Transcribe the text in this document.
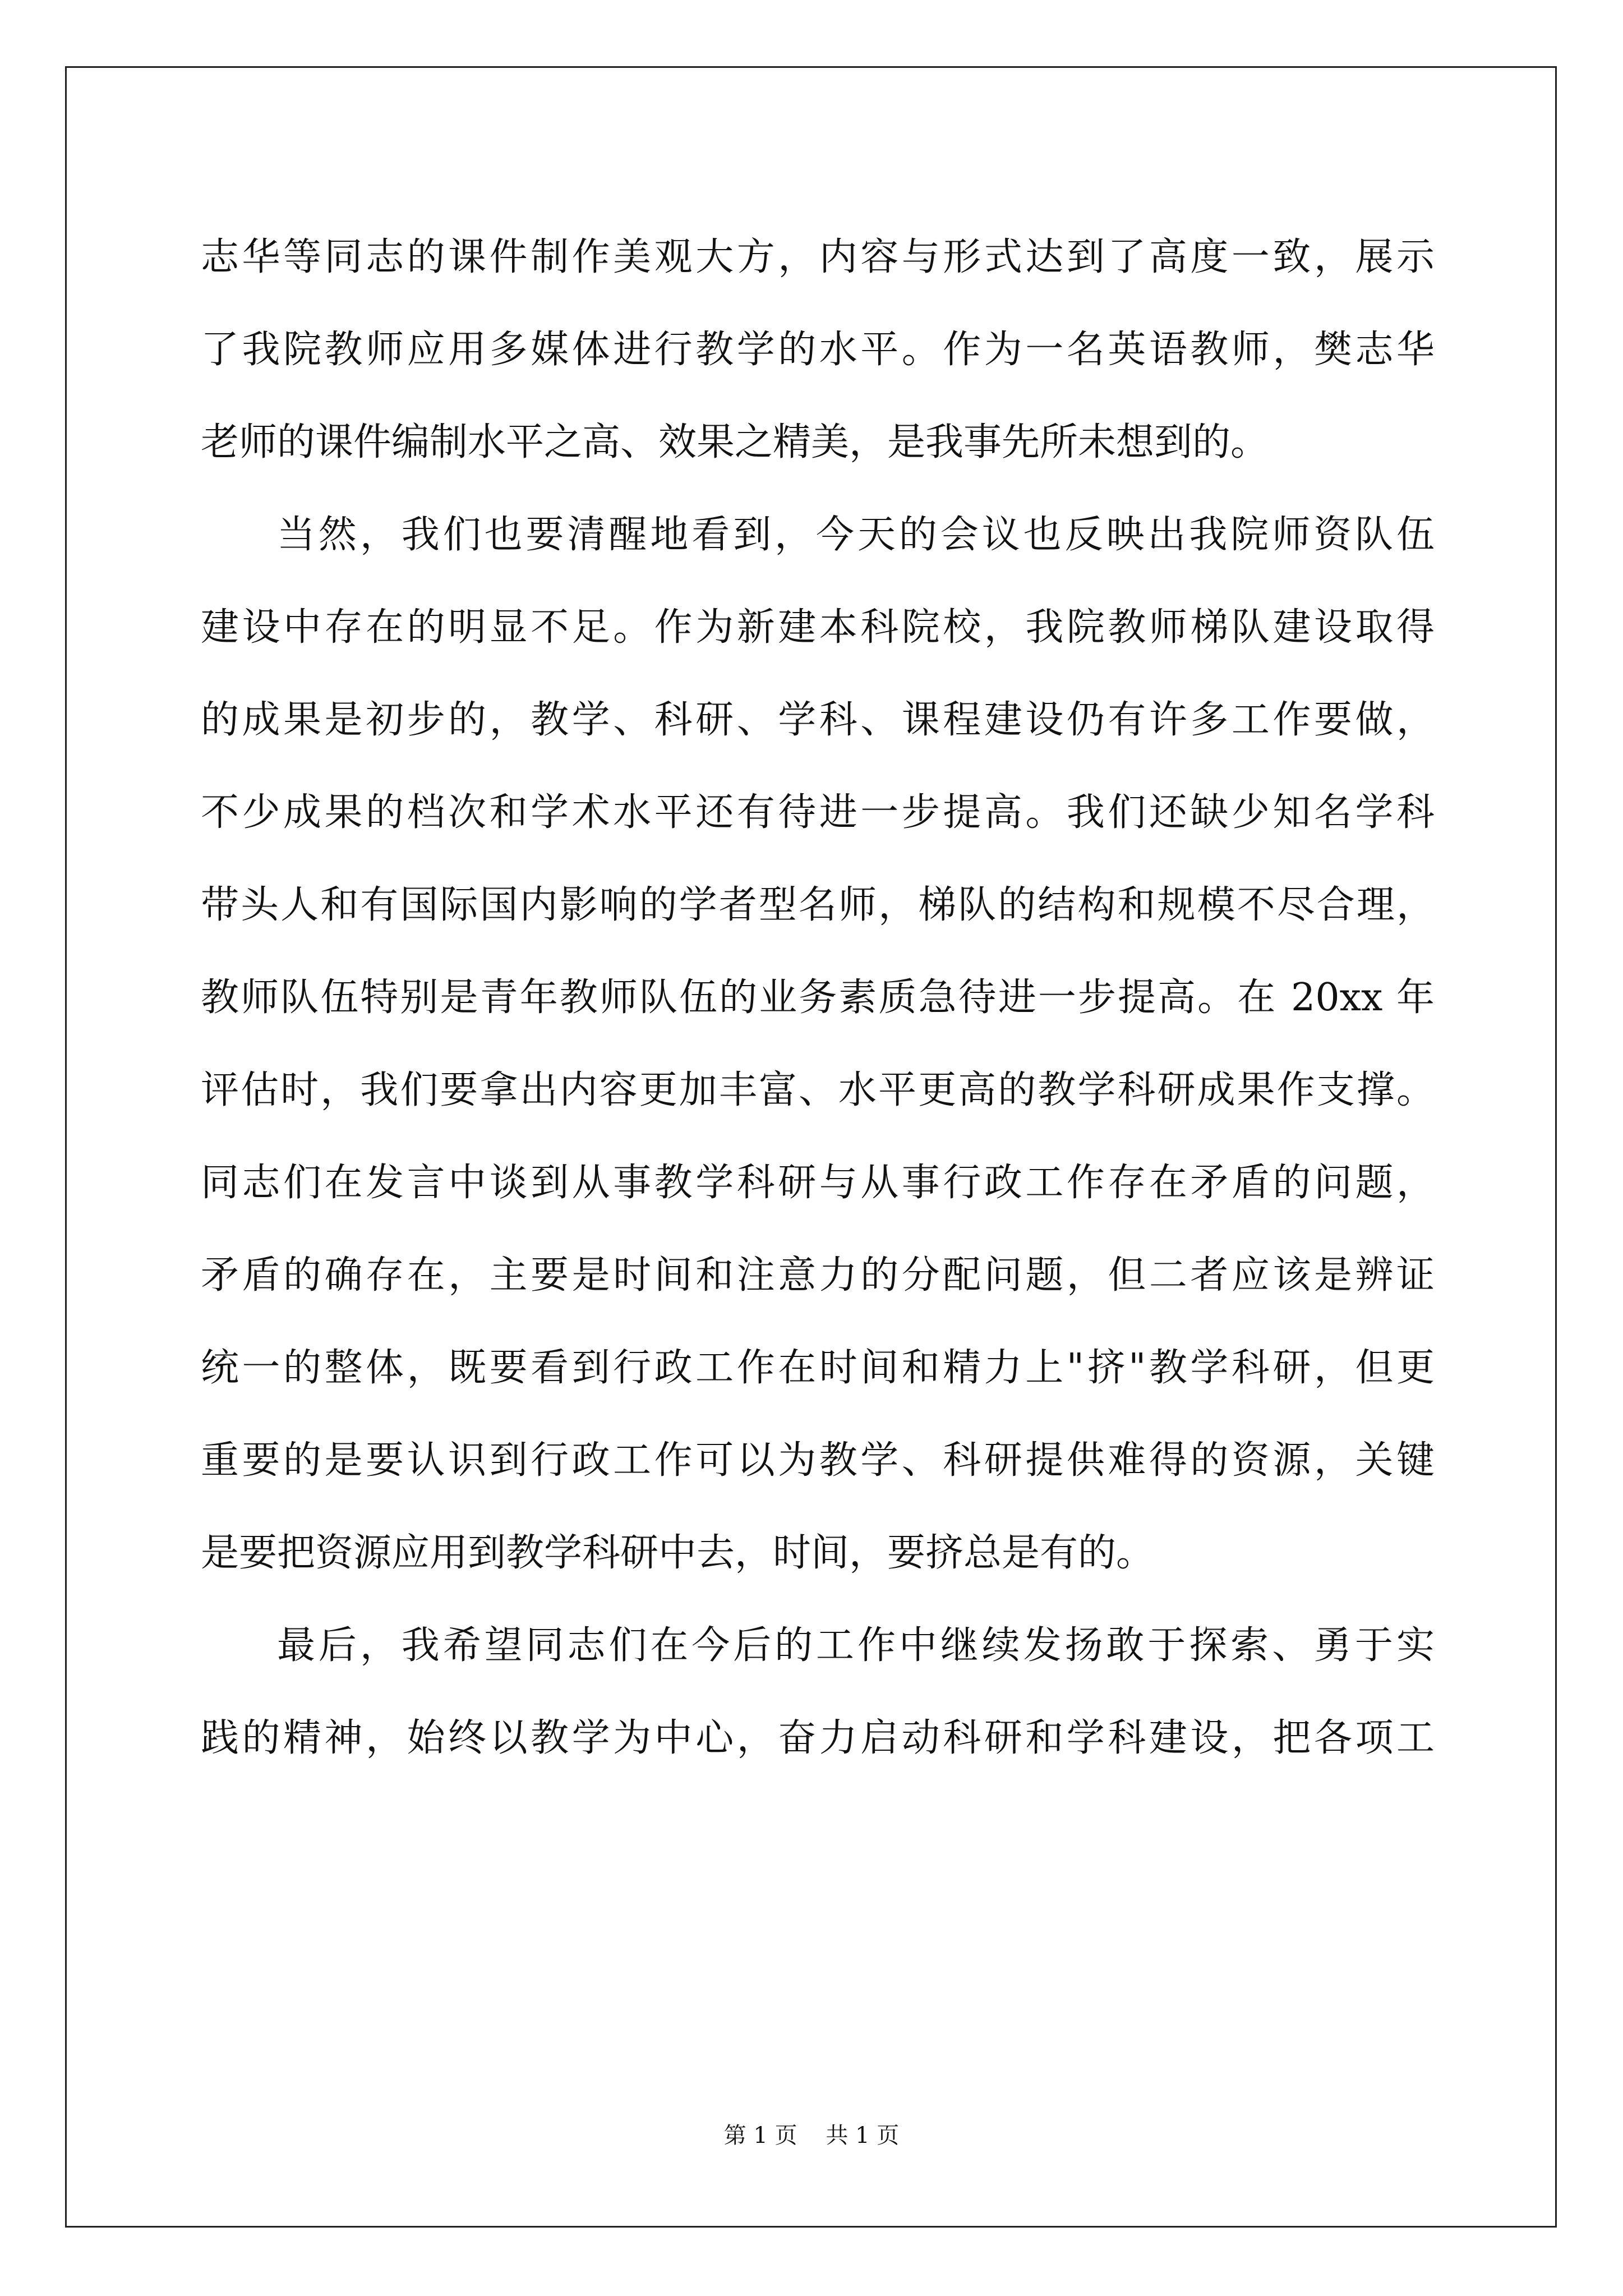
志华等同志的课件制作美观大方，内容与形式达到了高度一致，展示
了我院教师应用多媒体进行教学的水平。作为一名英语教师，樊志华
老师的课件编制水平之高、效果之精美，是我事先所未想到的。
当然，我们也要清醒地看到，今天的会议也反映出我院师资队伍
建设中存在的明显不足。作为新建本科院校，我院教师梯队建设取得
的成果是初步的，教学、科研、学科、课程建设仍有许多工作要做，
不少成果的档次和学术水平还有待进一步提高。我们还缺少知名学科
带头人和有国际国内影响的学者型名师，梯队的结构和规模不尽合理，
教师队伍特别是青年教师队伍的业务素质急待进一步提高。在 20xx 年
评估时，我们要拿出内容更加丰富、水平更高的教学科研成果作支撑。
同志们在发言中谈到从事教学科研与从事行政工作存在矛盾的问题，
矛盾的确存在，主要是时间和注意力的分配问题，但二者应该是辨证
统一的整体，既要看到行政工作在时间和精力上"挤"教学科研，但更
重要的是要认识到行政工作可以为教学、科研提供难得的资源，关键
是要把资源应用到教学科研中去，时间，要挤总是有的。
最后，我希望同志们在今后的工作中继续发扬敢于探索、勇于实
践的精神，始终以教学为中心，奋力启动科研和学科建设，把各项工
第 1 页    共 1 页
